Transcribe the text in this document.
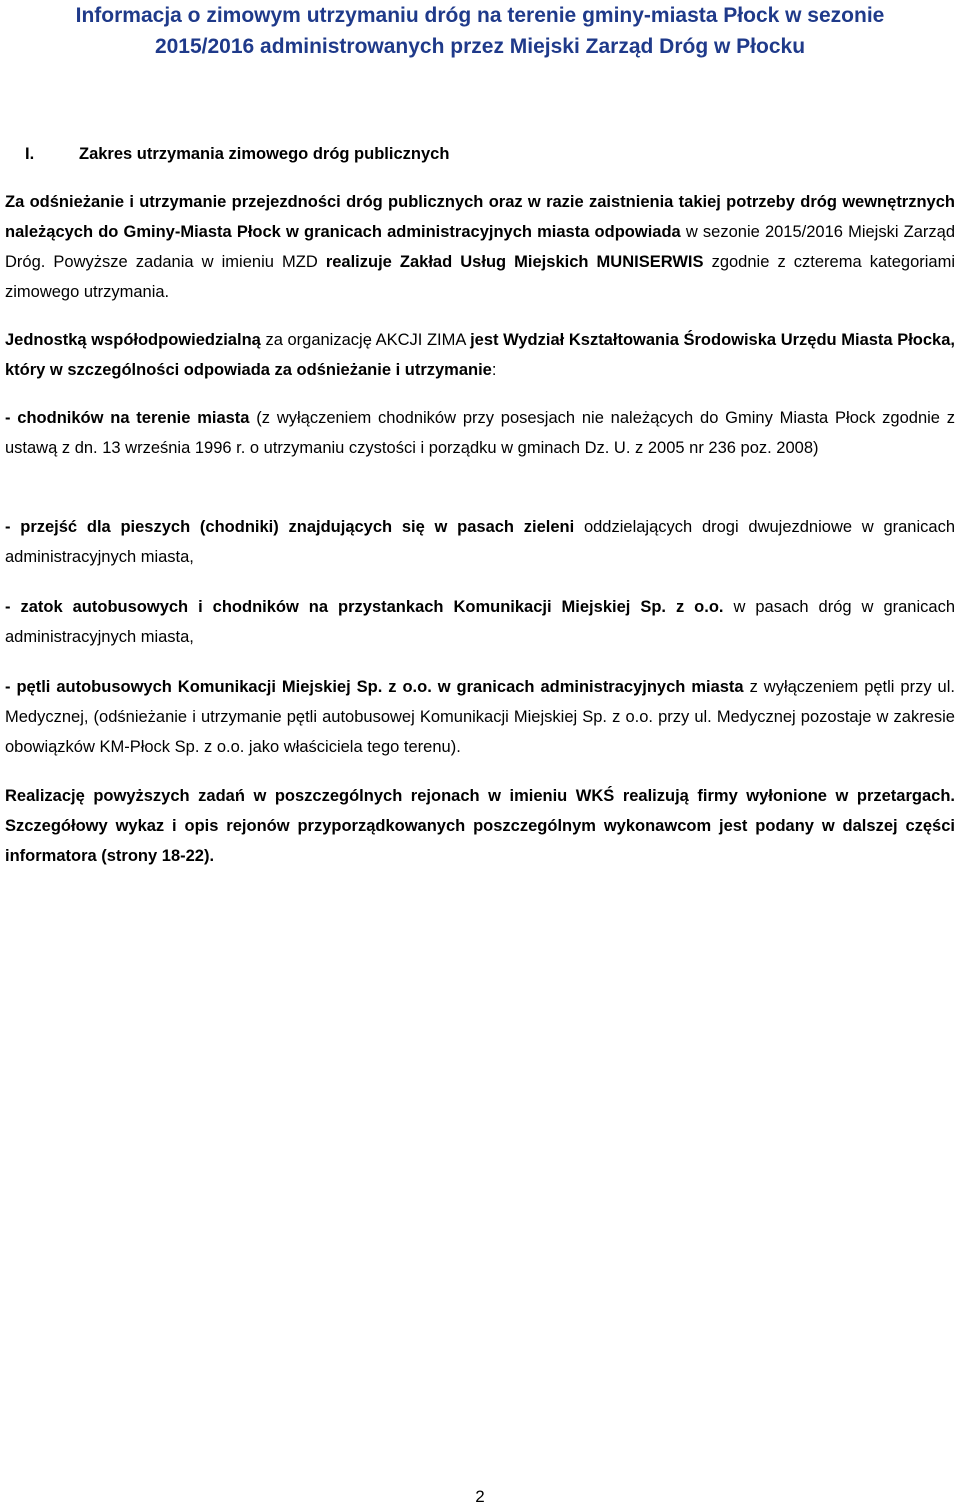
Informacja o zimowym utrzymaniu dróg na terenie gminy-miasta Płock w sezonie
2015/2016 administrowanych przez Miejski Zarząd Dróg w Płocku
I.	Zakres utrzymania zimowego dróg publicznych

Za odśnieżanie i utrzymanie przejezdności dróg publicznych oraz w razie zaistnienia takiej potrzeby dróg wewnętrznych należących do Gminy-Miasta Płock w granicach administracyjnych miasta odpowiada w sezonie 2015/2016 Miejski Zarząd Dróg. Powyższe zadania w imieniu MZD realizuje Zakład Usług Miejskich MUNISERWIS zgodnie z czterema kategoriami zimowego utrzymania.

Jednostką współodpowiedzialną za organizację AKCJI ZIMA jest Wydział Kształtowania Środowiska Urzędu Miasta Płocka, który w szczególności odpowiada za odśnieżanie i utrzymanie:

- chodników na terenie miasta (z wyłączeniem chodników przy posesjach nie należących do Gminy Miasta Płock zgodnie z ustawą z dn. 13 września 1996 r. o utrzymaniu czystości i porządku w gminach Dz. U. z 2005 nr 236 poz. 2008)

- przejść dla pieszych (chodniki) znajdujących się w pasach zieleni oddzielających drogi dwujezdniowe w granicach administracyjnych miasta,

- zatok autobusowych i chodników na przystankach Komunikacji Miejskiej Sp. z o.o. w pasach dróg w granicach administracyjnych miasta,

- pętli autobusowych Komunikacji Miejskiej Sp. z o.o. w granicach administracyjnych miasta z wyłączeniem pętli przy ul. Medycznej, (odśnieżanie i utrzymanie pętli autobusowej Komunikacji Miejskiej Sp. z o.o. przy ul. Medycznej pozostaje w zakresie obowiązków KM-Płock Sp. z o.o. jako właściciela tego terenu).

Realizację powyższych zadań w poszczególnych rejonach w imieniu WKŚ realizują firmy wyłonione w przetargach. Szczegółowy wykaz i opis rejonów przyporządkowanych poszczególnym wykonawcom jest podany w dalszej części informatora (strony 18-22).

2
